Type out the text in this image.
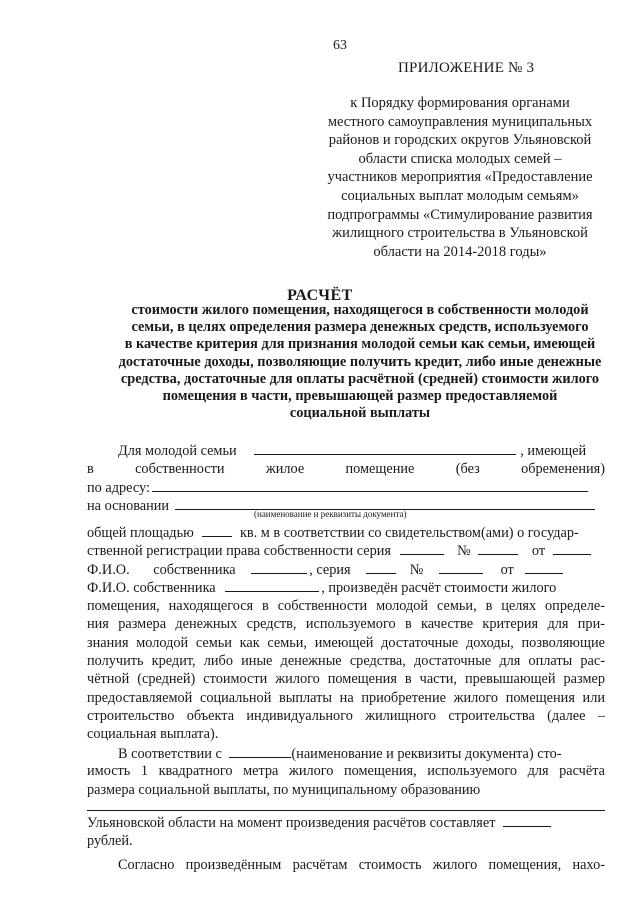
63
ПРИЛОЖЕНИЕ № 3
к Порядку формирования органами
местного самоуправления муниципальных
районов и городских округов Ульяновской
области списка молодых семей –
участников мероприятия «Предоставление
социальных выплат молодым семьям»
подпрограммы «Стимулирование развития
жилищного строительства в Ульяновской
области на 2014-2018 годы»
РАСЧЁТ
стоимости жилого помещения, находящегося в собственности молодой
семьи, в целях определения размера денежных средств, используемого
в качестве критерия для признания молодой семьи как семьи, имеющей
достаточные доходы, позволяющие получить кредит, либо иные денежные
средства, достаточные для оплаты расчётной (средней) стоимости жилого
помещения в части, превышающей размер предоставляемой
социальной выплаты
Для молодой семьи	, имеющей
в	собственности	жилое	помещение	(без	обременения)
по адресу:
на основании	(наименование и реквизиты документа)
общей площадью	кв. м в соответствии со свидетельством(ами) о государ-
ственной регистрации права собственности серия	№	от
Ф.И.О. собственника	, серия	№	от
Ф.И.О. собственника	, произведён расчёт стоимости жилого
помещения, находящегося в собственности молодой семьи, в целях определе-
ния размера денежных средств, используемого в качестве критерия для при-
знания молодой семьи как семьи, имеющей достаточные доходы, позволяющие
получить кредит, либо иные денежные средства, достаточные для оплаты рас-
чётной (средней) стоимости жилого помещения в части, превышающей размер
предоставляемой социальной выплаты на приобретение жилого помещения или
строительство объекта индивидуального жилищного строительства (далее –
социальная выплата).
В соответствии с	(наименование и реквизиты документа) сто-
имость 1 квадратного метра жилого помещения, используемого для расчёта
размера социальной выплаты, по муниципальному образованию
Ульяновской области на момент произведения расчётов составляет
рублей.
Согласно произведённым расчётам стоимость жилого помещения, нахо-
